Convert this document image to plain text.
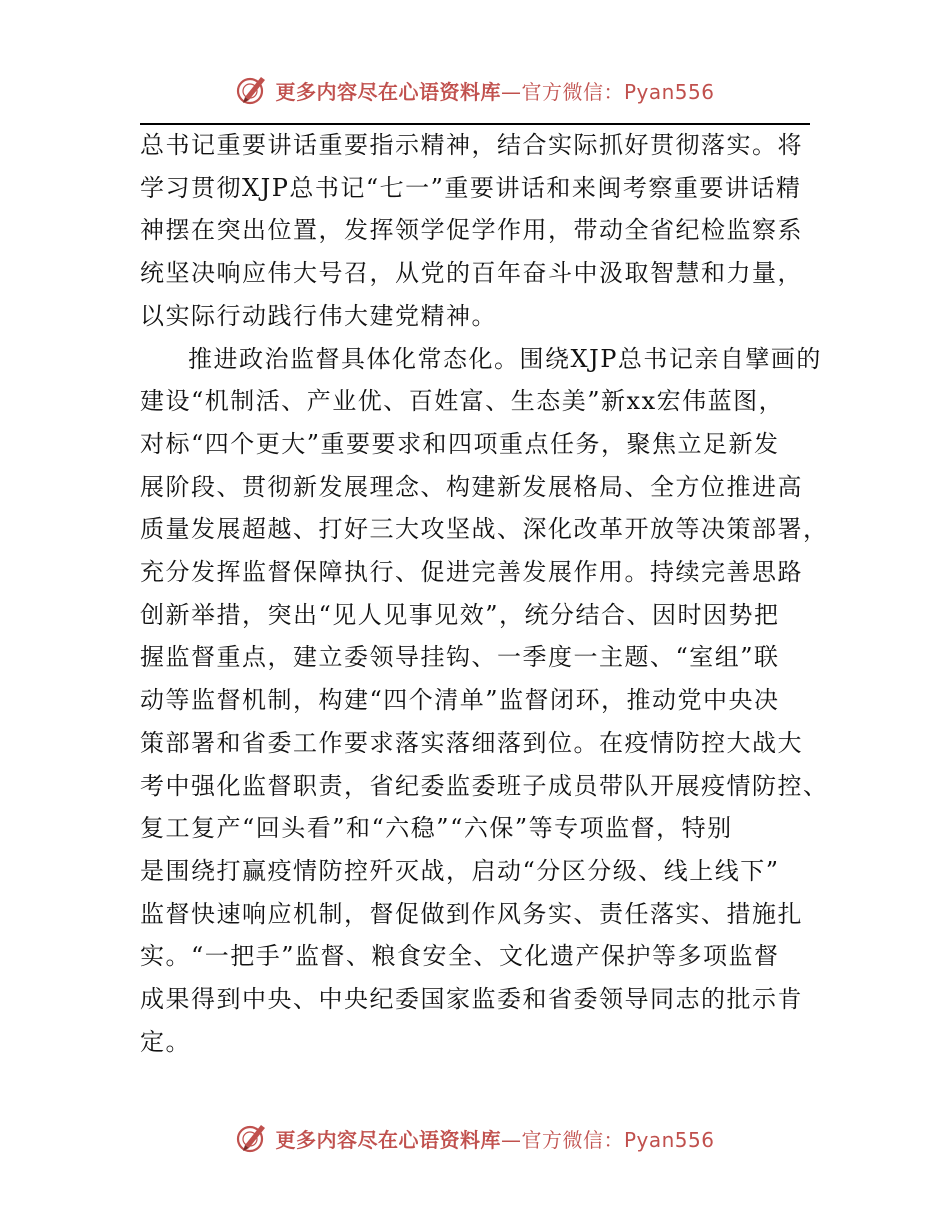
更多内容尽在心语资料库—官方微信：Pyan556

总书记重要讲话重要指示精神，结合实际抓好贯彻落实。将
学习贯彻XJP总书记“七一”重要讲话和来闽考察重要讲话精
神摆在突出位置，发挥领学促学作用，带动全省纪检监察系
统坚决响应伟大号召，从党的百年奋斗中汲取智慧和力量，
以实际行动践行伟大建党精神。

推进政治监督具体化常态化。围绕XJP总书记亲自擘画的
建设“机制活、产业优、百姓富、生态美”新xx宏伟蓝图，
对标“四个更大”重要要求和四项重点任务，聚焦立足新发
展阶段、贯彻新发展理念、构建新发展格局、全方位推进高
质量发展超越、打好三大攻坚战、深化改革开放等决策部署，
充分发挥监督保障执行、促进完善发展作用。持续完善思路
创新举措，突出“见人见事见效”，统分结合、因时因势把
握监督重点，建立委领导挂钩、一季度一主题、“室组”联
动等监督机制，构建“四个清单”监督闭环，推动党中央决
策部署和省委工作要求落实落细落到位。在疫情防控大战大
考中强化监督职责，省纪委监委班子成员带队开展疫情防控、
复工复产“回头看”和“六稳”“六保”等专项监督，特别
是围绕打赢疫情防控歼灭战，启动“分区分级、线上线下”
监督快速响应机制，督促做到作风务实、责任落实、措施扎
实。“一把手”监督、粮食安全、文化遗产保护等多项监督
成果得到中央、中央纪委国家监委和省委领导同志的批示肯
定。

更多内容尽在心语资料库—官方微信：Pyan556
